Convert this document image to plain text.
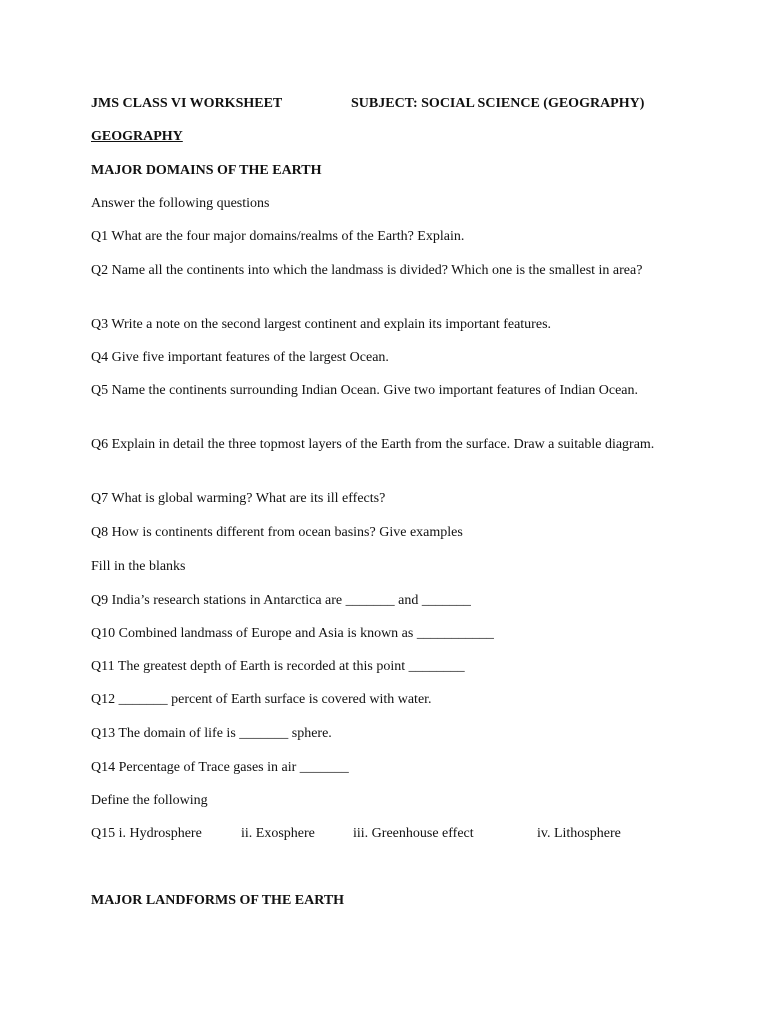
JMS CLASS VI WORKSHEET	SUBJECT: SOCIAL SCIENCE (GEOGRAPHY)
GEOGRAPHY
MAJOR DOMAINS OF THE EARTH
Answer the following questions
Q1 What are the four major domains/realms of the Earth? Explain.
Q2 Name all the continents into which the landmass is divided? Which one is the smallest in area?
Q3 Write a note on the second largest continent and explain its important features.
Q4 Give five important features of the largest Ocean.
Q5 Name the continents surrounding Indian Ocean. Give two important features of Indian Ocean.
Q6 Explain in detail the three topmost layers of the Earth from the surface. Draw a suitable diagram.
Q7 What is global warming? What are its ill effects?
Q8 How is continents different from ocean basins? Give examples
Fill in the blanks
Q9 India’s research stations in Antarctica are _______ and _______
Q10 Combined landmass of Europe and Asia is known as ___________
Q11 The greatest depth of Earth is recorded at this point ________
Q12 _______ percent of Earth surface is covered with water.
Q13 The domain of life is _______ sphere.
Q14 Percentage of Trace gases in air _______
Define the following
Q15 i. Hydrosphere	ii. Exosphere	iii. Greenhouse effect	iv. Lithosphere
MAJOR LANDFORMS OF THE EARTH
